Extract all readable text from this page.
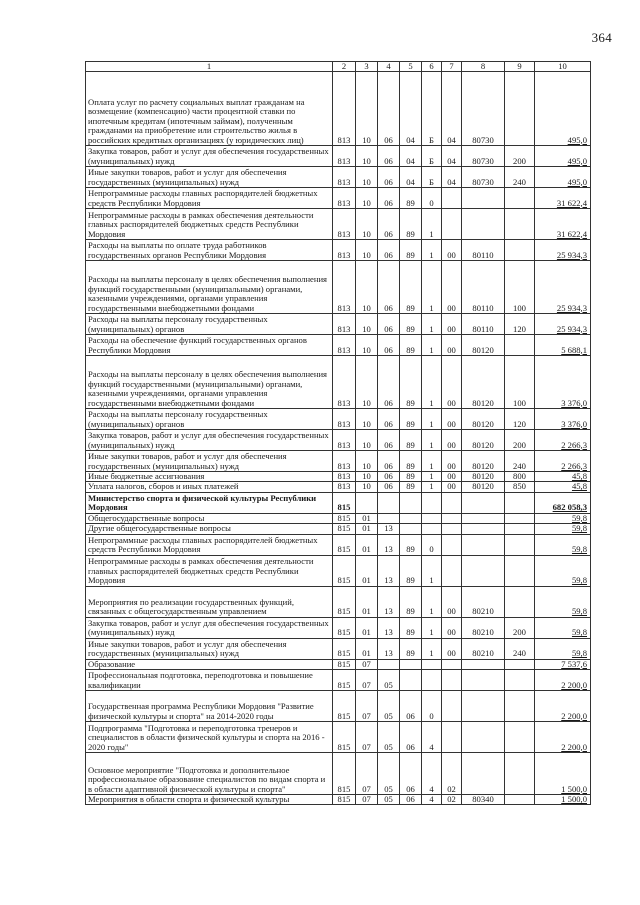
364
1	2	3	4	5	6	7	8	9	10
Оплата услуг по расчету социальных выплат гражданам на возмещение (компенсацию) части процентной ставки по ипотечным кредитам (ипотечным займам), полученным гражданами на приобретение или строительство жилья в российских кредитных организациях (у юридических лиц)	813	10	06	04	Б	04	80730		495,0
Закупка товаров, работ и услуг для обеспечения государственных (муниципальных) нужд	813	10	06	04	Б	04	80730	200	495,0
Иные закупки товаров, работ и услуг для обеспечения государственных (муниципальных) нужд	813	10	06	04	Б	04	80730	240	495,0
Непрограммные расходы главных распорядителей бюджетных средств Республики Мордовия	813	10	06	89	0				31 622,4
Непрограммные расходы в рамках обеспечения деятельности главных распорядителей бюджетных средств Республики Мордовия	813	10	06	89	1				31 622,4
Расходы на выплаты по оплате труда работников государственных органов Республики Мордовия	813	10	06	89	1	00	80110		25 934,3
Расходы на выплаты персоналу в целях обеспечения выполнения функций государственными (муниципальными) органами, казенными учреждениями, органами управления государственными внебюджетными фондами	813	10	06	89	1	00	80110	100	25 934,3
Расходы на выплаты персоналу государственных (муниципальных) органов	813	10	06	89	1	00	80110	120	25 934,3
Расходы на обеспечение функций государственных органов Республики Мордовия	813	10	06	89	1	00	80120		5 688,1
Расходы на выплаты персоналу в целях обеспечения выполнения функций государственными (муниципальными) органами, казенными учреждениями, органами управления государственными внебюджетными фондами	813	10	06	89	1	00	80120	100	3 376,0
Расходы на выплаты персоналу государственных (муниципальных) органов	813	10	06	89	1	00	80120	120	3 376,0
Закупка товаров, работ и услуг для обеспечения государственных (муниципальных) нужд	813	10	06	89	1	00	80120	200	2 266,3
Иные закупки товаров, работ и услуг для обеспечения государственных (муниципальных) нужд	813	10	06	89	1	00	80120	240	2 266,3
Иные бюджетные ассигнования	813	10	06	89	1	00	80120	800	45,8
Уплата налогов, сборов и иных платежей	813	10	06	89	1	00	80120	850	45,8
Министерство спорта и физической культуры Республики Мордовия	815								682 058,3
Общегосударственные вопросы	815	01							59,8
Другие общегосударственные вопросы	815	01	13						59,8
Непрограммные расходы главных распорядителей бюджетных средств Республики Мордовия	815	01	13	89	0				59,8
Непрограммные расходы в рамках обеспечения деятельности главных распорядителей бюджетных средств Республики Мордовия	815	01	13	89	1				59,8
Мероприятия по реализации государственных функций, связанных с общегосударственным управлением	815	01	13	89	1	00	80210		59,8
Закупка товаров, работ и услуг для обеспечения государственных (муниципальных) нужд	815	01	13	89	1	00	80210	200	59,8
Иные закупки товаров, работ и услуг для обеспечения государственных (муниципальных) нужд	815	01	13	89	1	00	80210	240	59,8
Образование	815	07							7 537,6
Профессиональная подготовка, переподготовка и повышение квалификации	815	07	05						2 200,0
Государственная программа Республики Мордовия "Развитие физической культуры и спорта" на 2014-2020 годы	815	07	05	06	0				2 200,0
Подпрограмма "Подготовка и переподготовка тренеров и специалистов в области физической культуры и спорта на 2016 - 2020 годы"	815	07	05	06	4				2 200,0
Основное мероприятие "Подготовка и дополнительное профессиональное образование специалистов по видам спорта и в области адаптивной физической культуры и спорта"	815	07	05	06	4	02			1 500,0
Мероприятия в области спорта и физической культуры	815	07	05	06	4	02	80340		1 500,0
